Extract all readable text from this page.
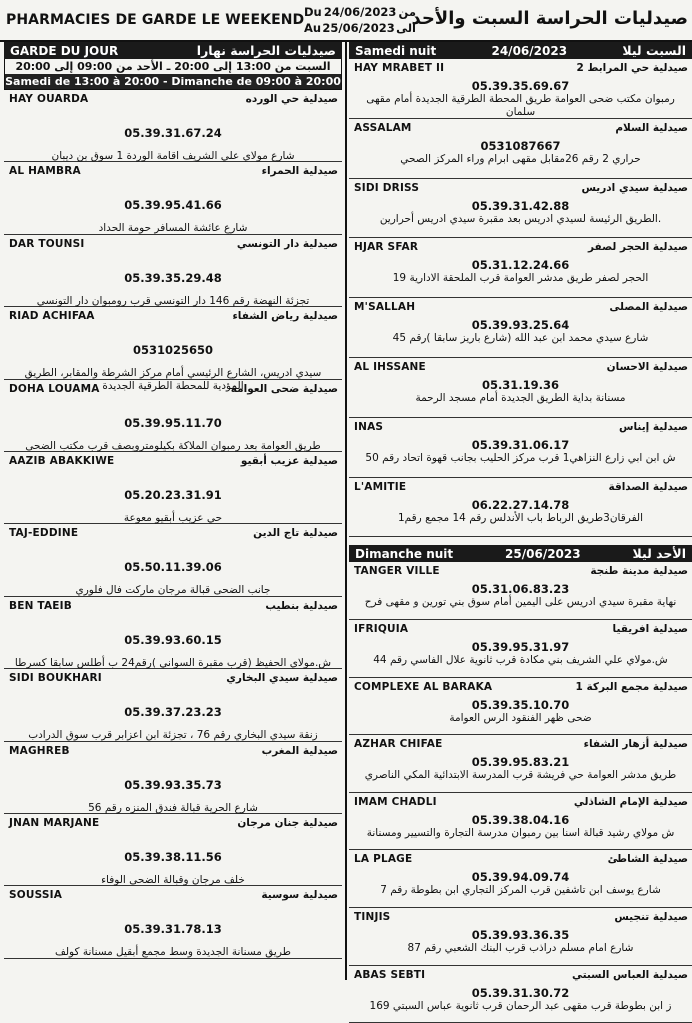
PHARMACIES DE GARDE LE WEEKEND Du 24/06/2023 من
Au 25/06/2023 الى
صيدليات الحراسة السبت والأحد
GARDE DU JOUR	صيدليات الحراسة نهارا
السبت من 13:00 إلى 20:00 ـ الأحد من 09:00 إلى 20:00
Samedi de 13:00 à 20:00 - Dimanche de 09:00 à 20:00
HAY OUARDA	صيدلية حي الورده
05.39.31.67.24
شارع مولاي علي الشريف اقامة الوردة 1 سوق بن ديبان
AL HAMBRA	صيدلية الحمراء
05.39.95.41.66
شارع عائشة المسافر حومة الحداد
DAR TOUNSI	صيدلية دار التونسي
05.39.35.29.48
تجزئة النهضة رقم 146 دار التونسي قرب رومبوان دار التونسي
RIAD ACHIFAA	صيدلية رياض الشفاء
0531025650
سيدي ادريس، الشارع الرئيسي أمام مركز الشرطة والمقابر، الطريق المؤدية للمحطة الطرقية الجديدة
DOHA LOUAMA	صيدلية ضحى العوامة
05.39.95.11.70
طريق العوامة بعد رمبوان الملاكة بكيلومتروبصف قرب مكتب الضحى
AAZIB ABAKKIWE	صيدلية عزيب أبقيو
05.20.23.31.91
حي عزيب أبقيو معوعة
TAJ-EDDINE	صيدلية تاج الدين
05.50.11.39.06
جانب الضحى قبالة مرجان ماركت فال فلوري
BEN TAEIB	صيدلية بنطيب
05.39.93.60.15
ش.مولاي الحفيظ (قرب مقبرة السواني )رقم24 ب أطلس سابقا كسرطا
SIDI BOUKHARI	صيدلية سيدي البخاري
05.39.37.23.23
زنقة سيدي البخاري رقم 76 ، تجزئة ابن اعزابر قرب سوق الدرادب
MAGHREB	صيدلية المغرب
05.39.93.35.73
شارع الحرية قبالة فندق المنزه رقم 56
JNAN MARJANE	صيدلية جنان مرجان
05.39.38.11.56
خلف مرجان وقبالة الضحى الوفاء
SOUSSIA	صيدلية سوسية
05.39.31.78.13
طريق مسنانة الجديدة وسط مجمع أبقيل مسنانة كولف
Samedi nuit	24/06/2023	السبت ليلا
HAY MRABET II	صيدلية حي المرابط 2
05.39.35.69.67
رمبوان مكتب ضحى العوامة طريق المحطة الطرقية الجديدة أمام مقهى سلمان
ASSALAM	صيدلية السلام
0531087667
حراري 2 رقم 26مقابل مقهى ابرام وراء المركز الصحي
SIDI DRISS	صيدلية سيدي ادريس
05.39.31.42.88
.الطريق الرئيسة لسيدي ادريس بعد مقبرة سيدي ادريس أحرارين
HJAR SFAR	صيدلية الحجر لصفر
05.31.12.24.66
الحجر لصفر طريق مدشر العوامة قرب الملحقة الادارية 19
M'SALLAH	صيدلية المصلى
05.39.93.25.64
شارع سيدي محمد ابن عبد الله (شارع باريز سابقا )رقم 45
AL IHSSANE	صيدلية الاحسان
05.31.19.36
مسنانة بداية الطريق الجديدة أمام مسجد الرحمة
INAS	صيدلية إيناس
05.39.31.06.17
ش ابن ابي زارع النزاهي1 قرب مركز الحليب بجانب قهوة اتحاد رقم 50
L'AMITIE	صيدلية الصداقة
06.22.27.14.78
الفرقان3طريق الرباط باب الأندلس رقم 14 مجمع رقم1
Dimanche nuit	25/06/2023	الأحد ليلا
TANGER VILLE	صيدلية مدينة طنجة
05.31.06.83.23
نهاية مقبرة سيدي ادريس على اليمين أمام سوق بني تورين و مقهى فرح
IFRIQUIA	صيدلية افريقيا
05.39.95.31.97
ش.مولاي علي الشريف بني مكادة قرب ثانوية علال الفاسي رقم 44
COMPLEXE AL BARAKA	صيدلية مجمع البركة 1
05.39.35.10.70
ضحى ظهر الفنقود الرس العوامة
AZHAR CHIFAE	صيدلية أزهار الشفاء
05.39.95.83.21
طريق مدشر العوامة حي فريشة قرب المدرسة الابتدائية المكي الناصري
IMAM CHADLI	صيدلية الإمام الشاذلي
05.39.38.04.16
ش مولاي رشيد قبالة اسنا بين رمبوان مدرسة التجارة والتسيير ومسنانة
LA PLAGE	صيدلية الشاطئ
05.39.94.09.74
شارع يوسف ابن تاشفين قرب المركز التجاري ابن بطوطة رقم 7
TINJIS	صيدلية تنجيس
05.39.93.36.35
شارع امام مسلم دراذب قرب البنك الشعبي رقم 87
ABAS SEBTI	صيدلية العباس السبتي
05.39.31.30.72
ز ابن بطوطة قرب مقهى عبد الرحمان قرب ثانوية عباس السبتي 169
